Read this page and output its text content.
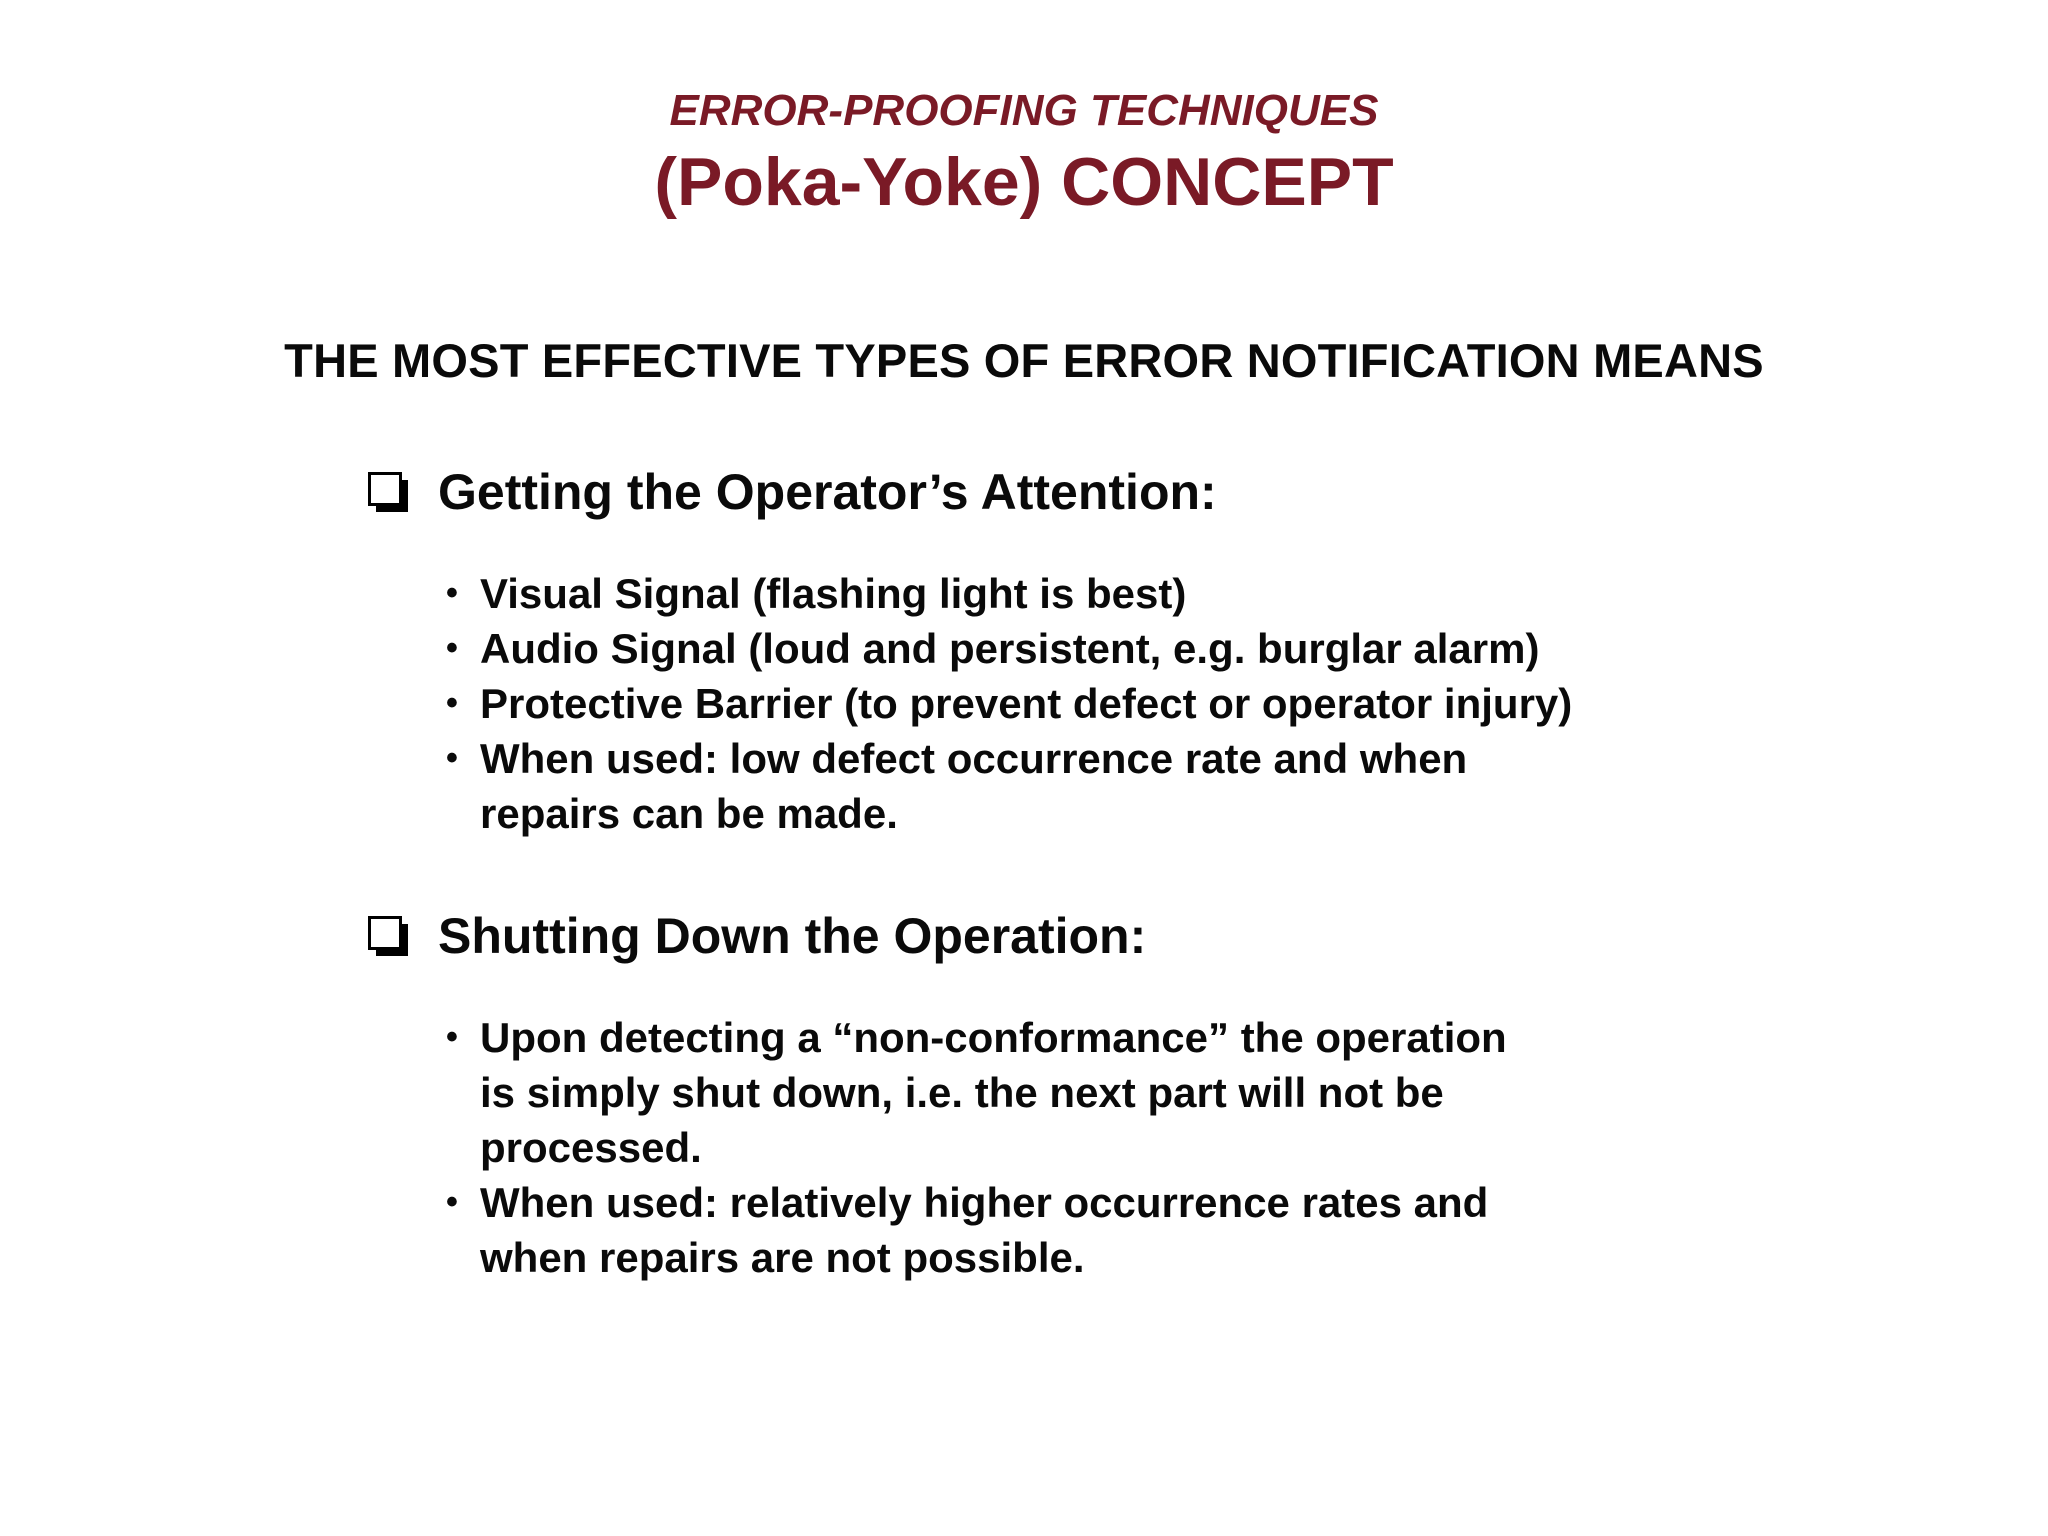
ERROR-PROOFING TECHNIQUES
(Poka-Yoke) CONCEPT
THE MOST EFFECTIVE TYPES OF ERROR NOTIFICATION MEANS
Getting the Operator’s Attention:
• Visual Signal (flashing light is best)
• Audio Signal (loud and persistent, e.g. burglar alarm)
• Protective Barrier (to prevent defect or operator injury)
• When used: low defect occurrence rate and when
repairs can be made.
Shutting Down the Operation:
• Upon detecting a “non-conformance” the operation
is simply shut down, i.e. the next part will not be
processed.
• When used: relatively higher occurrence rates and
when repairs are not possible.
